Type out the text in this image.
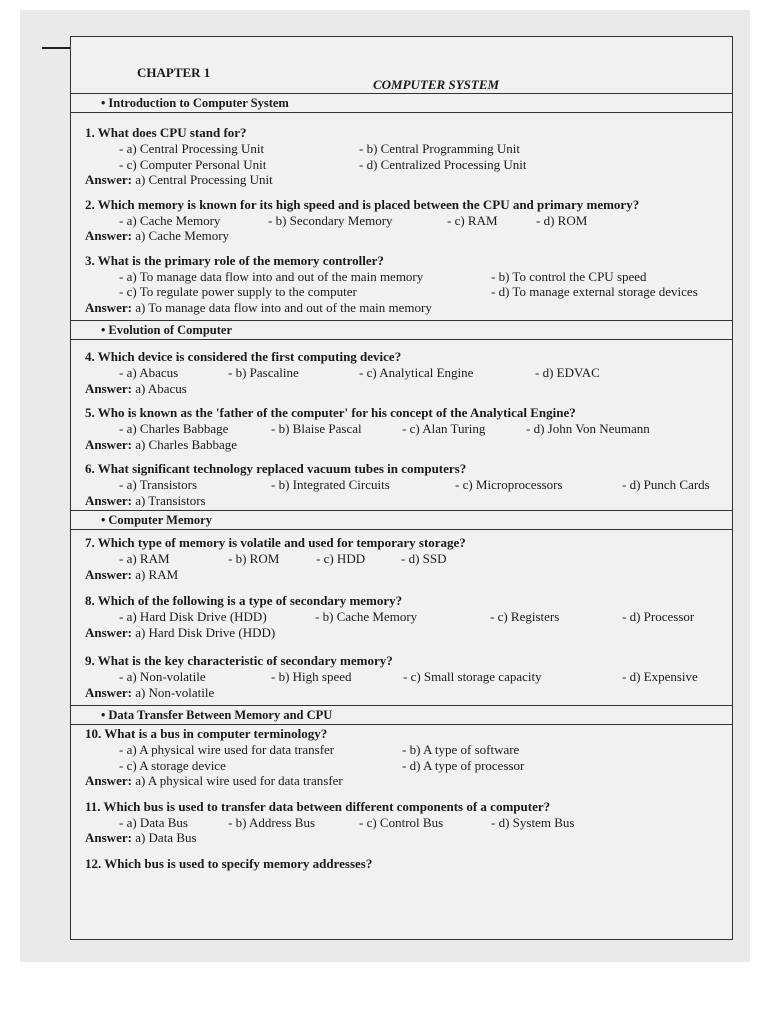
CHAPTER 1
COMPUTER SYSTEM
• Introduction to Computer System
1. What does CPU stand for?
- a) Central Processing Unit	- b) Central Programming Unit
- c) Computer Personal Unit	- d) Centralized Processing Unit
Answer: a) Central Processing Unit
2. Which memory is known for its high speed and is placed between the CPU and primary memory?
- a) Cache Memory	- b) Secondary Memory	- c) RAM	- d) ROM
Answer: a) Cache Memory
3. What is the primary role of the memory controller?
- a) To manage data flow into and out of the main memory	- b) To control the CPU speed
- c) To regulate power supply to the computer	- d) To manage external storage devices
Answer: a) To manage data flow into and out of the main memory
• Evolution of Computer
4. Which device is considered the first computing device?
- a) Abacus	- b) Pascaline	- c) Analytical Engine	- d) EDVAC
Answer: a) Abacus
5. Who is known as the 'father of the computer' for his concept of the Analytical Engine?
- a) Charles Babbage	- b) Blaise Pascal	- c) Alan Turing	- d) John Von Neumann
Answer: a) Charles Babbage
6. What significant technology replaced vacuum tubes in computers?
- a) Transistors	- b) Integrated Circuits	- c) Microprocessors	- d) Punch Cards
Answer: a) Transistors
• Computer Memory
7. Which type of memory is volatile and used for temporary storage?
- a) RAM	- b) ROM	- c) HDD	- d) SSD
Answer: a) RAM
8. Which of the following is a type of secondary memory?
- a) Hard Disk Drive (HDD)	- b) Cache Memory	- c) Registers	- d) Processor
Answer: a) Hard Disk Drive (HDD)
9. What is the key characteristic of secondary memory?
- a) Non-volatile	- b) High speed	- c) Small storage capacity	- d) Expensive
Answer: a) Non-volatile
• Data Transfer Between Memory and CPU
10. What is a bus in computer terminology?
- a) A physical wire used for data transfer	- b) A type of software
- c) A storage device	- d) A type of processor
Answer: a) A physical wire used for data transfer
11. Which bus is used to transfer data between different components of a computer?
- a) Data Bus	- b) Address Bus	- c) Control Bus	- d) System Bus
Answer: a) Data Bus
12. Which bus is used to specify memory addresses?
